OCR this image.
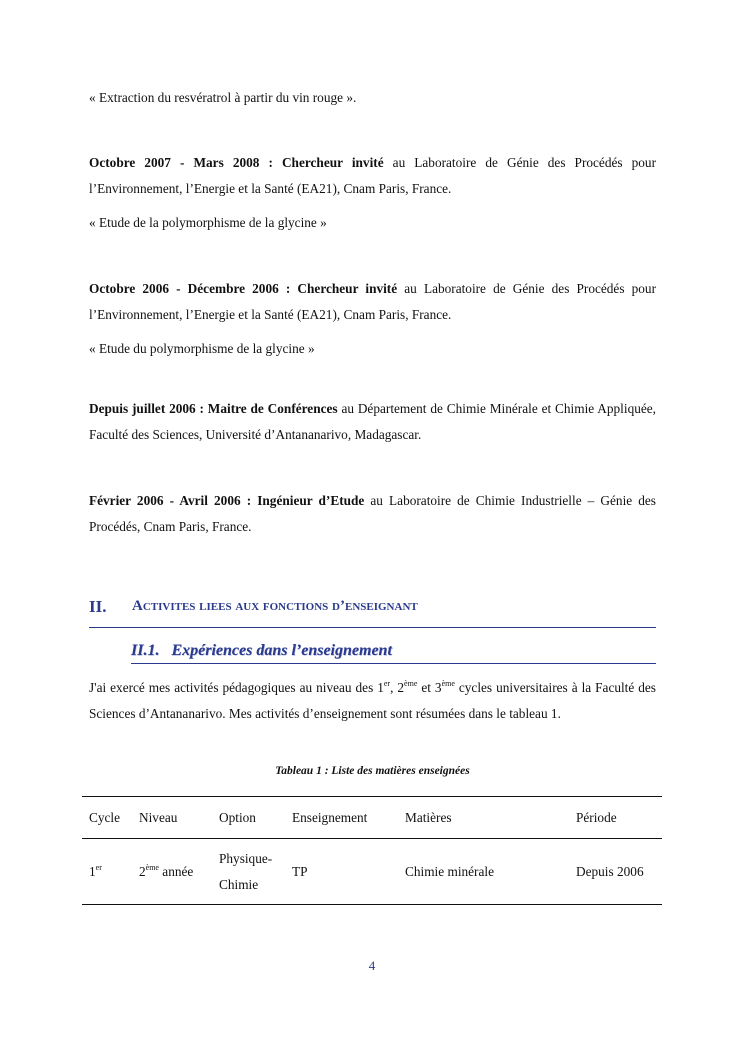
« Extraction du resvératrol à partir du vin rouge ».

Octobre 2007 - Mars 2008 : Chercheur invité au Laboratoire de Génie des Procédés pour l’Environnement, l’Energie et la Santé (EA21), Cnam Paris, France.

« Etude de la polymorphisme de la glycine »

Octobre 2006 - Décembre 2006 : Chercheur invité au Laboratoire de Génie des Procédés pour l’Environnement, l’Energie et la Santé (EA21), Cnam Paris, France.

« Etude du polymorphisme de la glycine »

Depuis juillet 2006 : Maitre de Conférences au Département de Chimie Minérale et Chimie Appliquée, Faculté des Sciences, Université d’Antananarivo, Madagascar.

Février 2006 - Avril 2006 : Ingénieur d’Etude au Laboratoire de Chimie Industrielle – Génie des Procédés, Cnam Paris, France.

II. Activites liees aux fonctions d’enseignant
II.1. Expériences dans l’enseignement

J'ai exercé mes activités pédagogiques au niveau des 1er, 2ème et 3ème cycles universitaires à la Faculté des Sciences d’Antananarivo. Mes activités d’enseignement sont résumées dans le tableau 1.

Tableau 1 : Liste des matières enseignées
Cycle	Niveau	Option	Enseignement	Matières	Période
1er	2ème année	Physique-Chimie	TP	Chimie minérale	Depuis 2006
4
